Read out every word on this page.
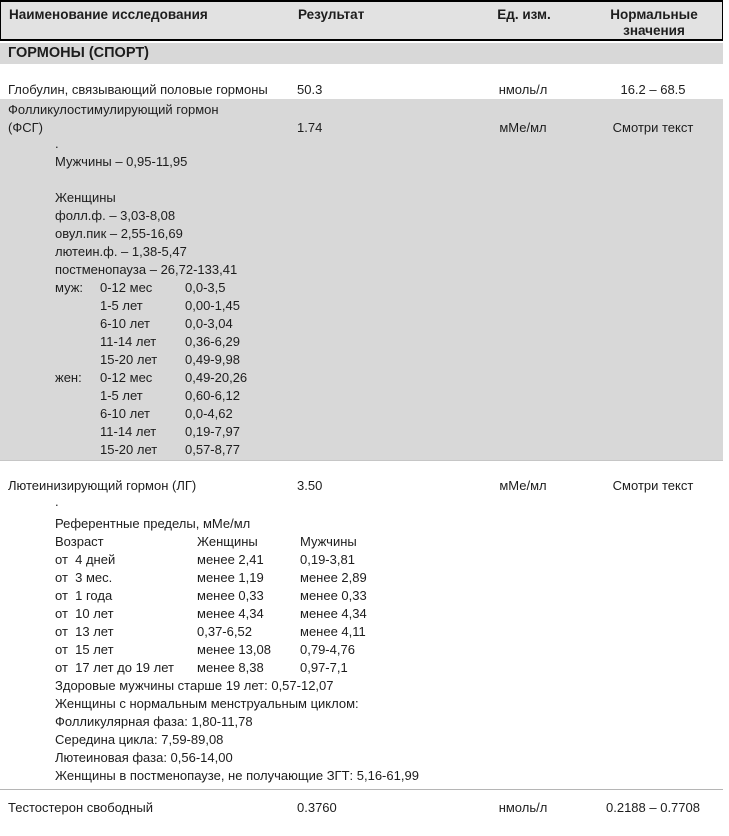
Наименование исследования	Результат	Ед. изм.	Нормальные значения
ГОРМОНЫ (СПОРТ)
Глобулин, связывающий половые гормоны	50.3	нмоль/л	16.2 – 68.5
Фолликулостимулирующий гормон
(ФСГ)	1.74	мМе/мл	Смотри текст
.
Мужчины – 0,95-11,95
Женщины
фолл.ф. – 3,03-8,08
овул.пик – 2,55-16,69
лютеин.ф. – 1,38-5,47
постменопауза – 26,72-133,41
муж:	0-12 мес	0,0-3,5
1-5 лет	0,00-1,45
6-10 лет	0,0-3,04
11-14 лет	0,36-6,29
15-20 лет	0,49-9,98
жен:	0-12 мес	0,49-20,26
1-5 лет	0,60-6,12
6-10 лет	0,0-4,62
11-14 лет	0,19-7,97
15-20 лет	0,57-8,77
Лютеинизирующий гормон (ЛГ)	3.50	мМе/мл	Смотри текст
.
Референтные пределы, мМе/мл
Возраст	Женщины	Мужчины
от  4 дней	менее 2,41	0,19-3,81
от  3 мес.	менее 1,19	менее 2,89
от  1 года	менее 0,33	менее 0,33
от  10 лет	менее 4,34	менее 4,34
от  13 лет	0,37-6,52	менее 4,11
от  15 лет	менее 13,08	0,79-4,76
от  17 лет до 19 лет	менее 8,38	0,97-7,1
Здоровые мужчины старше 19 лет: 0,57-12,07
Женщины с нормальным менструальным циклом:
Фолликулярная фаза: 1,80-11,78
Середина цикла: 7,59-89,08
Лютеиновая фаза: 0,56-14,00
Женщины в постменопаузе, не получающие ЗГТ: 5,16-61,99
Тестостерон свободный	0.3760	нмоль/л	0.2188 – 0.7708
